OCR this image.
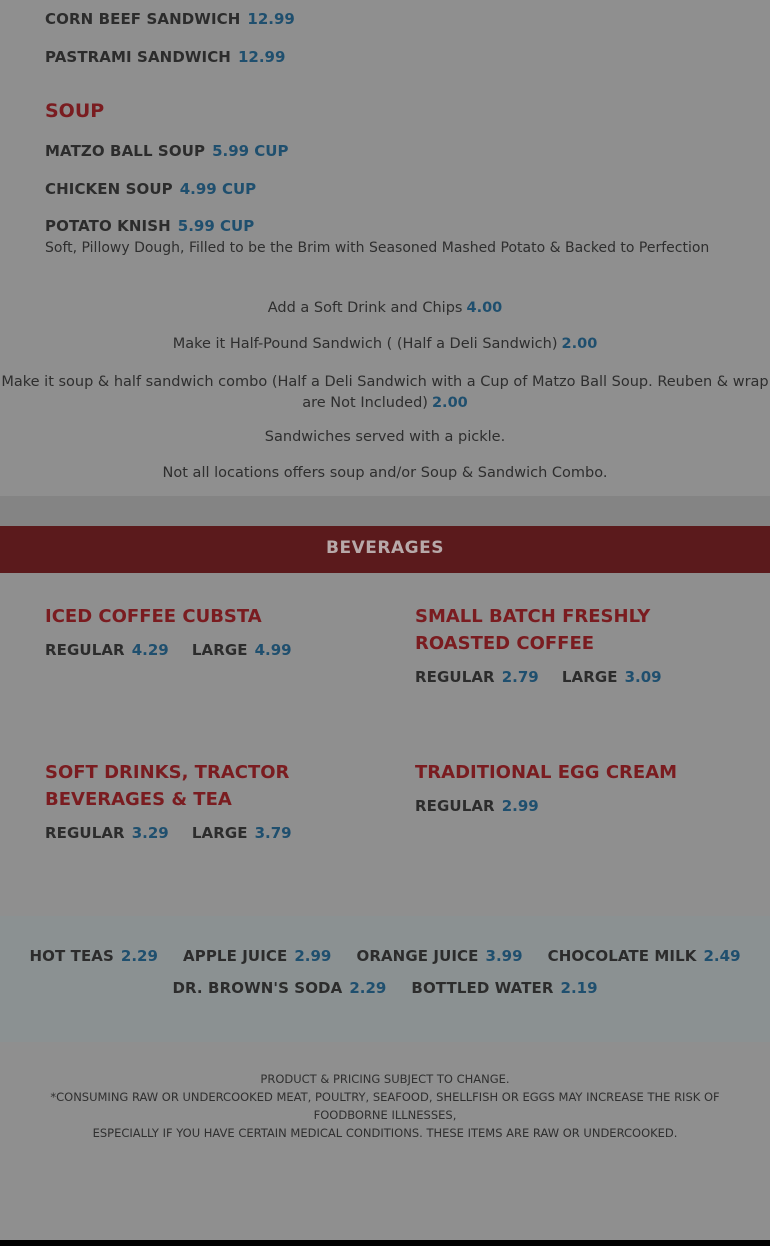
CORN BEEF SANDWICH 12.99
PASTRAMI SANDWICH 12.99
SOUP
MATZO BALL SOUP 5.99 CUP
CHICKEN SOUP 4.99 CUP
POTATO KNISH 5.99 CUP
Soft, Pillowy Dough, Filled to be the Brim with Seasoned Mashed Potato & Backed to Perfection
Add a Soft Drink and Chips 4.00
Make it Half-Pound Sandwich ( (Half a Deli Sandwich) 2.00
Make it soup & half sandwich combo (Half a Deli Sandwich with a Cup of Matzo Ball Soup. Reuben & wrap
are Not Included) 2.00
Sandwiches served with a pickle.
Not all locations offers soup and/or Soup & Sandwich Combo.
BEVERAGES
ICED COFFEE CUBSTA
REGULAR 4.29 LARGE 4.99
SMALL BATCH FRESHLY ROASTED COFFEE
REGULAR 2.79 LARGE 3.09
SOFT DRINKS, TRACTOR BEVERAGES & TEA
REGULAR 3.29 LARGE 3.79
TRADITIONAL EGG CREAM
REGULAR 2.99
HOT TEAS 2.29 APPLE JUICE 2.99 ORANGE JUICE 3.99 CHOCOLATE MILK 2.49
DR. BROWN'S SODA 2.29 BOTTLED WATER 2.19
PRODUCT & PRICING SUBJECT TO CHANGE.
*CONSUMING RAW OR UNDERCOOKED MEAT, POULTRY, SEAFOOD, SHELLFISH OR EGGS MAY INCREASE THE RISK OF FOODBORNE ILLNESSES,
ESPECIALLY IF YOU HAVE CERTAIN MEDICAL CONDITIONS. THESE ITEMS ARE RAW OR UNDERCOOKED.
